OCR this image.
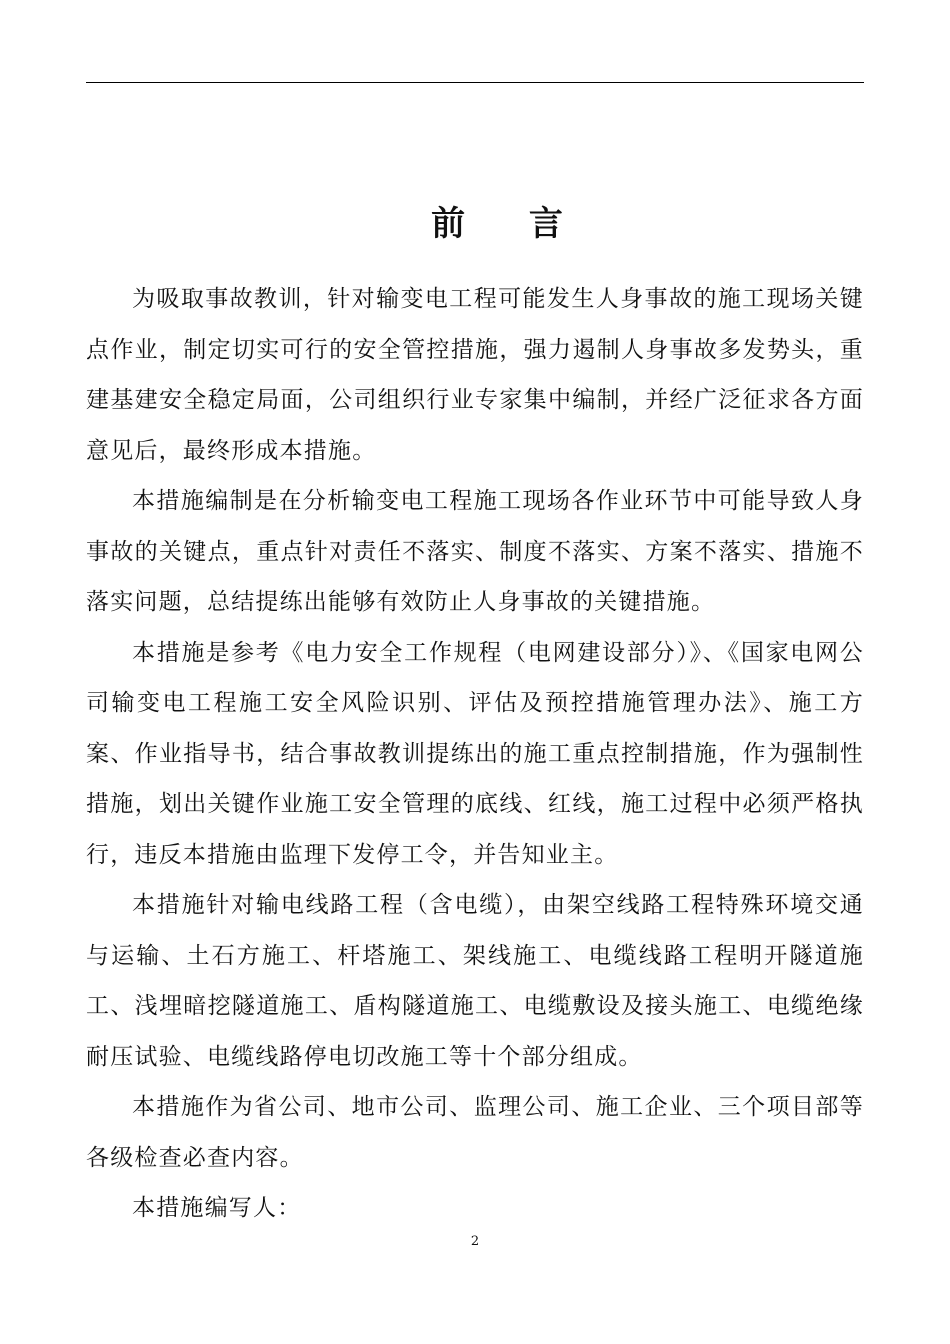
前 言

为吸取事故教训，针对输变电工程可能发生人身事故的施工现场关键点作业，制定切实可行的安全管控措施，强力遏制人身事故多发势头，重建基建安全稳定局面，公司组织行业专家集中编制，并经广泛征求各方面意见后，最终形成本措施。

本措施编制是在分析输变电工程施工现场各作业环节中可能导致人身事故的关键点，重点针对责任不落实、制度不落实、方案不落实、措施不落实问题，总结提练出能够有效防止人身事故的关键措施。

本措施是参考《电力安全工作规程（电网建设部分）》、《国家电网公司输变电工程施工安全风险识别、评估及预控措施管理办法》、施工方案、作业指导书，结合事故教训提练出的施工重点控制措施，作为强制性措施，划出关键作业施工安全管理的底线、红线，施工过程中必须严格执行，违反本措施由监理下发停工令，并告知业主。

本措施针对输电线路工程（含电缆），由架空线路工程特殊环境交通与运输、土石方施工、杆塔施工、架线施工、电缆线路工程明开隧道施工、浅埋暗挖隧道施工、盾构隧道施工、电缆敷设及接头施工、电缆绝缘耐压试验、电缆线路停电切改施工等十个部分组成。

本措施作为省公司、地市公司、监理公司、施工企业、三个项目部等各级检查必查内容。

本措施编写人：

2
